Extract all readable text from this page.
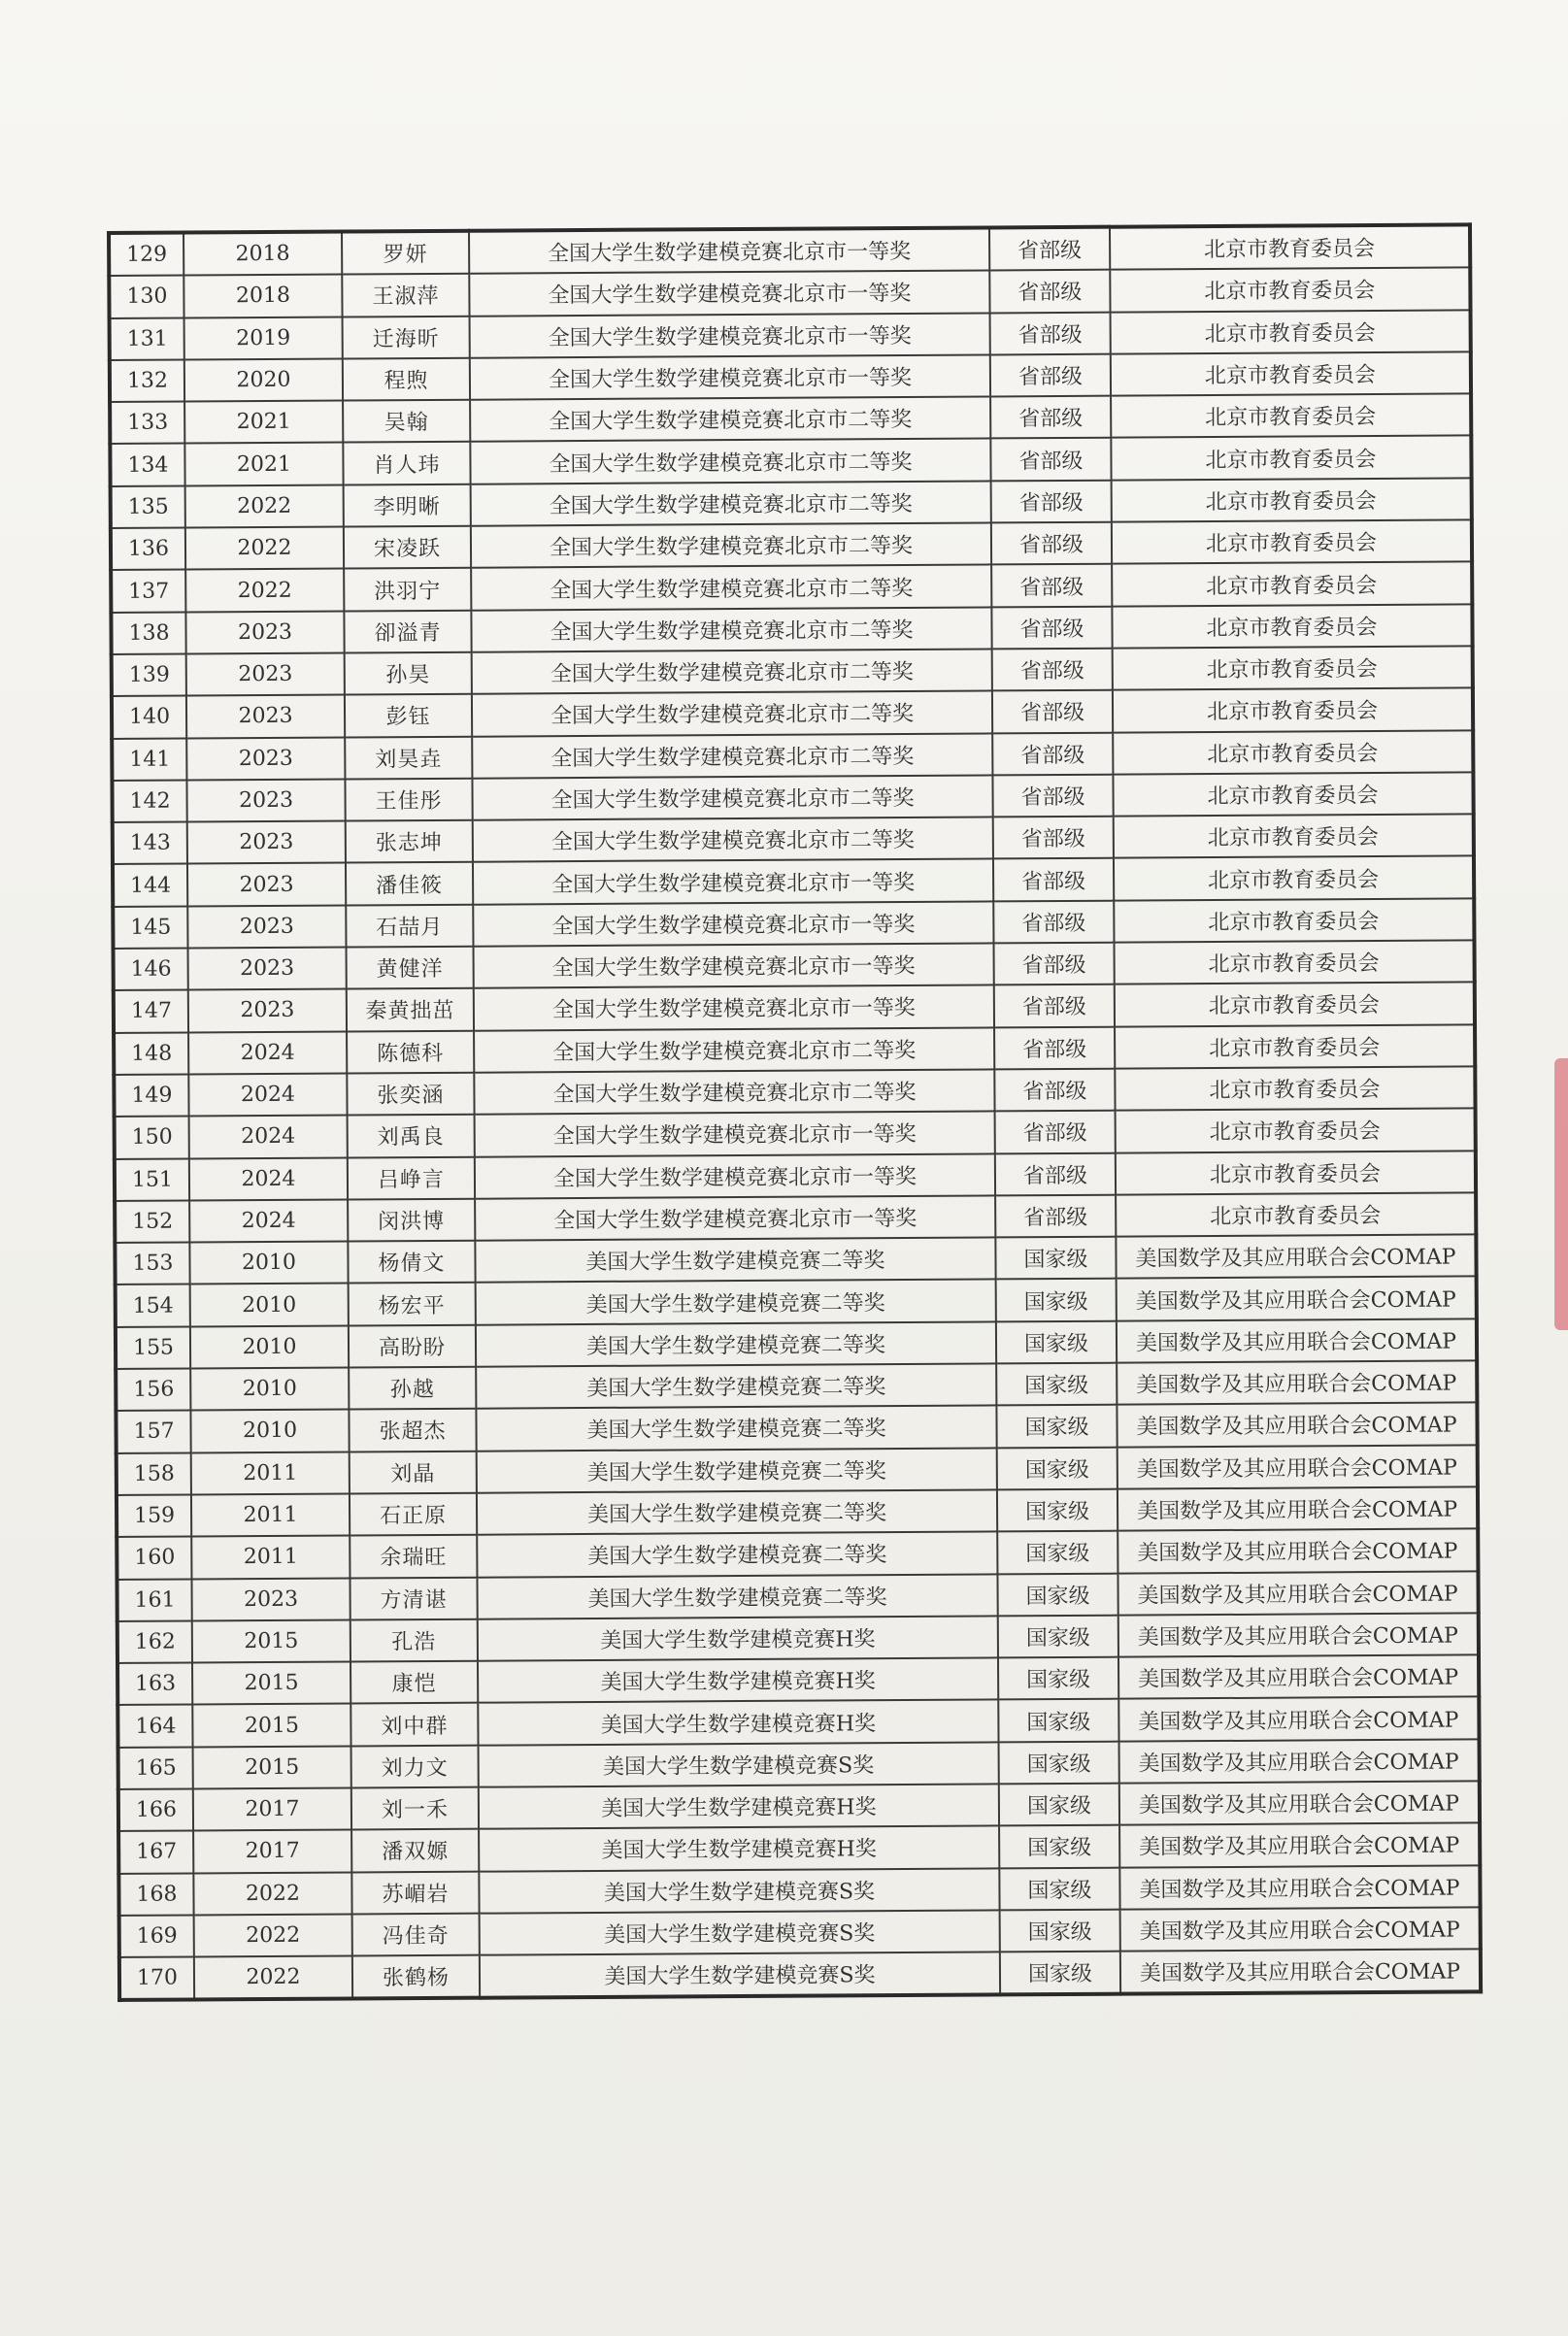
129	2018	罗妍	全国大学生数学建模竞赛北京市一等奖	省部级	北京市教育委员会
130	2018	王淑萍	全国大学生数学建模竞赛北京市一等奖	省部级	北京市教育委员会
131	2019	迁海昕	全国大学生数学建模竞赛北京市一等奖	省部级	北京市教育委员会
132	2020	程煦	全国大学生数学建模竞赛北京市一等奖	省部级	北京市教育委员会
133	2021	吴翰	全国大学生数学建模竞赛北京市二等奖	省部级	北京市教育委员会
134	2021	肖人玮	全国大学生数学建模竞赛北京市二等奖	省部级	北京市教育委员会
135	2022	李明晰	全国大学生数学建模竞赛北京市二等奖	省部级	北京市教育委员会
136	2022	宋凌跃	全国大学生数学建模竞赛北京市二等奖	省部级	北京市教育委员会
137	2022	洪羽宁	全国大学生数学建模竞赛北京市二等奖	省部级	北京市教育委员会
138	2023	卻溢青	全国大学生数学建模竞赛北京市二等奖	省部级	北京市教育委员会
139	2023	孙昊	全国大学生数学建模竞赛北京市二等奖	省部级	北京市教育委员会
140	2023	彭钰	全国大学生数学建模竞赛北京市二等奖	省部级	北京市教育委员会
141	2023	刘昊垚	全国大学生数学建模竞赛北京市二等奖	省部级	北京市教育委员会
142	2023	王佳彤	全国大学生数学建模竞赛北京市二等奖	省部级	北京市教育委员会
143	2023	张志坤	全国大学生数学建模竞赛北京市二等奖	省部级	北京市教育委员会
144	2023	潘佳筱	全国大学生数学建模竞赛北京市一等奖	省部级	北京市教育委员会
145	2023	石喆月	全国大学生数学建模竞赛北京市一等奖	省部级	北京市教育委员会
146	2023	黄健洋	全国大学生数学建模竞赛北京市一等奖	省部级	北京市教育委员会
147	2023	秦黄拙茁	全国大学生数学建模竞赛北京市一等奖	省部级	北京市教育委员会
148	2024	陈德科	全国大学生数学建模竞赛北京市二等奖	省部级	北京市教育委员会
149	2024	张奕涵	全国大学生数学建模竞赛北京市二等奖	省部级	北京市教育委员会
150	2024	刘禹良	全国大学生数学建模竞赛北京市一等奖	省部级	北京市教育委员会
151	2024	吕峥言	全国大学生数学建模竞赛北京市一等奖	省部级	北京市教育委员会
152	2024	闵洪博	全国大学生数学建模竞赛北京市一等奖	省部级	北京市教育委员会
153	2010	杨倩文	美国大学生数学建模竞赛二等奖	国家级	美国数学及其应用联合会COMAP
154	2010	杨宏平	美国大学生数学建模竞赛二等奖	国家级	美国数学及其应用联合会COMAP
155	2010	高盼盼	美国大学生数学建模竞赛二等奖	国家级	美国数学及其应用联合会COMAP
156	2010	孙越	美国大学生数学建模竞赛二等奖	国家级	美国数学及其应用联合会COMAP
157	2010	张超杰	美国大学生数学建模竞赛二等奖	国家级	美国数学及其应用联合会COMAP
158	2011	刘晶	美国大学生数学建模竞赛二等奖	国家级	美国数学及其应用联合会COMAP
159	2011	石正原	美国大学生数学建模竞赛二等奖	国家级	美国数学及其应用联合会COMAP
160	2011	余瑞旺	美国大学生数学建模竞赛二等奖	国家级	美国数学及其应用联合会COMAP
161	2023	方清谌	美国大学生数学建模竞赛二等奖	国家级	美国数学及其应用联合会COMAP
162	2015	孔浩	美国大学生数学建模竞赛H奖	国家级	美国数学及其应用联合会COMAP
163	2015	康恺	美国大学生数学建模竞赛H奖	国家级	美国数学及其应用联合会COMAP
164	2015	刘中群	美国大学生数学建模竞赛H奖	国家级	美国数学及其应用联合会COMAP
165	2015	刘力文	美国大学生数学建模竞赛S奖	国家级	美国数学及其应用联合会COMAP
166	2017	刘一禾	美国大学生数学建模竞赛H奖	国家级	美国数学及其应用联合会COMAP
167	2017	潘双嫄	美国大学生数学建模竞赛H奖	国家级	美国数学及其应用联合会COMAP
168	2022	苏嵋岩	美国大学生数学建模竞赛S奖	国家级	美国数学及其应用联合会COMAP
169	2022	冯佳奇	美国大学生数学建模竞赛S奖	国家级	美国数学及其应用联合会COMAP
170	2022	张鹤杨	美国大学生数学建模竞赛S奖	国家级	美国数学及其应用联合会COMAP
